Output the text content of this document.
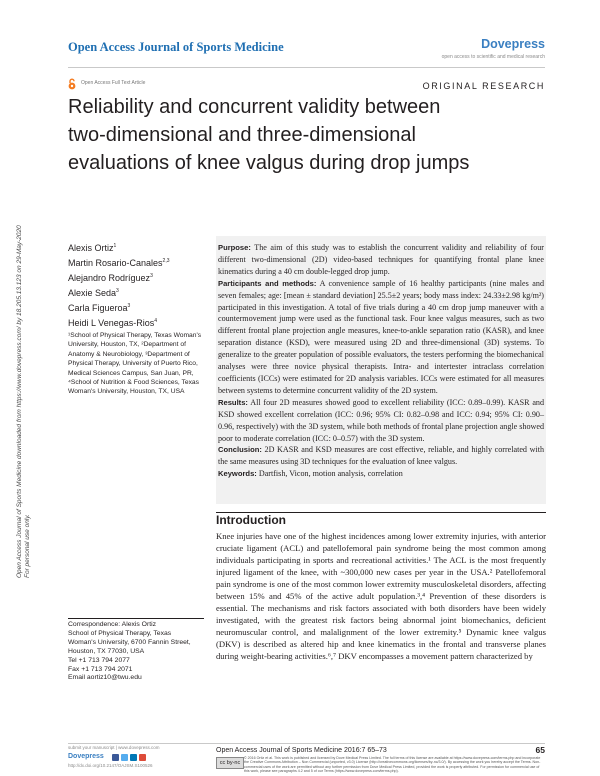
Open Access Journal of Sports Medicine	Dovepress
open access to scientific and medical research
Open Access Full Text Article	ORIGINAL RESEARCH
Reliability and concurrent validity between
two-dimensional and three-dimensional
evaluations of knee valgus during drop jumps
Open Access Journal of Sports Medicine downloaded from https://www.dovepress.com/ by 18.205.13.123 on 29-May-2020
For personal use only.
Alexis Ortiz$^1$
Martin Rosario-Canales$^{2,3}$
Alejandro Rodríguez$^3$
Alexie Seda$^3$
Carla Figueroa$^3$
Heidi L Venegas-Rios$^4$
¹School of Physical Therapy, Texas Woman's University, Houston, TX, ²Department of Anatomy & Neurobiology, ³Department of Physical Therapy, University of Puerto Rico, Medical Sciences Campus, San Juan, PR, ⁴School of Nutrition & Food Sciences, Texas Woman's University, Houston, TX, USA

Purpose: The aim of this study was to establish the concurrent validity and reliability of four different two-dimensional (2D) video-based techniques for quantifying frontal plane knee kinematics during a 40 cm double-legged drop jump.

Participants and methods: A convenience sample of 16 healthy participants (nine males and seven females; age: [mean ± standard deviation] 25.5±2 years; body mass index: 24.33±2.98 kg/m²) participated in this investigation. A total of five trials during a 40 cm drop jump maneuver with a countermovement jump were used as the functional task. Four knee valgus measures, such as two different frontal plane projection angle measures, knee-to-ankle separation ratio (KASR), and knee separation distance (KSD), were measured using 2D and three-dimensional (3D) systems. To generalize to the greater population of possible evaluators, the testers performing the biomechanical analyses were three novice physical therapists. Intra- and intertester intraclass correlation coefficients (ICCs) were estimated for 2D analysis variables. ICCs were estimated for all measures between systems to determine concurrent validity of the 2D system.

Results: All four 2D measures showed good to excellent reliability (ICC: 0.89–0.99). KASR and KSD showed excellent correlation (ICC: 0.96; 95% CI: 0.82–0.98 and ICC: 0.94; 95% CI: 0.90–0.96, respectively) with the 3D system, while both methods of frontal plane projection angle showed poor to moderate correlation (ICC: 0–0.57) with the 3D system.

Conclusion: 2D KASR and KSD measures are cost effective, reliable, and highly correlated with the same measures using 3D techniques for the evaluation of knee valgus.

Keywords: Dartfish, Vicon, motion analysis, correlation

Introduction

Knee injuries have one of the highest incidences among lower extremity injuries, with anterior cruciate ligament (ACL) and patellofemoral pain syndrome being the most common among individuals participating in sports and recreational activities.¹ The ACL is the most frequently injured ligament of the knee, with ~300,000 new cases per year in the USA.² Patellofemoral pain syndrome is one of the most common lower extremity musculoskeletal disorders, affecting between 15% and 45% of the active adult population.³,⁴ Prevention of these disorders is essential. The mechanisms and risk factors associated with both disorders have been widely investigated, with the greatest risk factors being abnormal joint biomechanics, deficient neuromuscular control, and malalignment of the lower extremity.⁵ Dynamic knee valgus (DKV) is described as altered hip and knee kinematics in the frontal and transverse planes during weight-bearing activities.⁶,⁷ DKV encompasses a movement pattern characterized by

Correspondence: Alexis Ortiz
School of Physical Therapy, Texas
Woman's University, 6700 Fannin Street,
Houston, TX 77030, USA
Tel +1 713 794 2077
Fax +1 713 794 2071
Email aortiz10@twu.edu
submit your manuscript | www.dovepress.com
Dovepress
http://dx.doi.org/10.2147/OAJSM.S100526
Open Access Journal of Sports Medicine 2016:7 65–73	65
cc by-nc
© 2016 Ortiz et al. This work is published and licensed by Dove Medical Press Limited. The full terms of this license are available at https://www.dovepress.com/terms.php and incorporate the Creative Commons Attribution – Non Commercial (unported, v3.0) License (http://creativecommons.org/licenses/by-nc/3.0/). By accessing the work you hereby accept the Terms. Non-commercial uses of the work are permitted without any further permission from Dove Medical Press Limited, provided the work is properly attributed. For permission for commercial use of this work, please see paragraphs 4.2 and 5 of our Terms (https://www.dovepress.com/terms.php).
